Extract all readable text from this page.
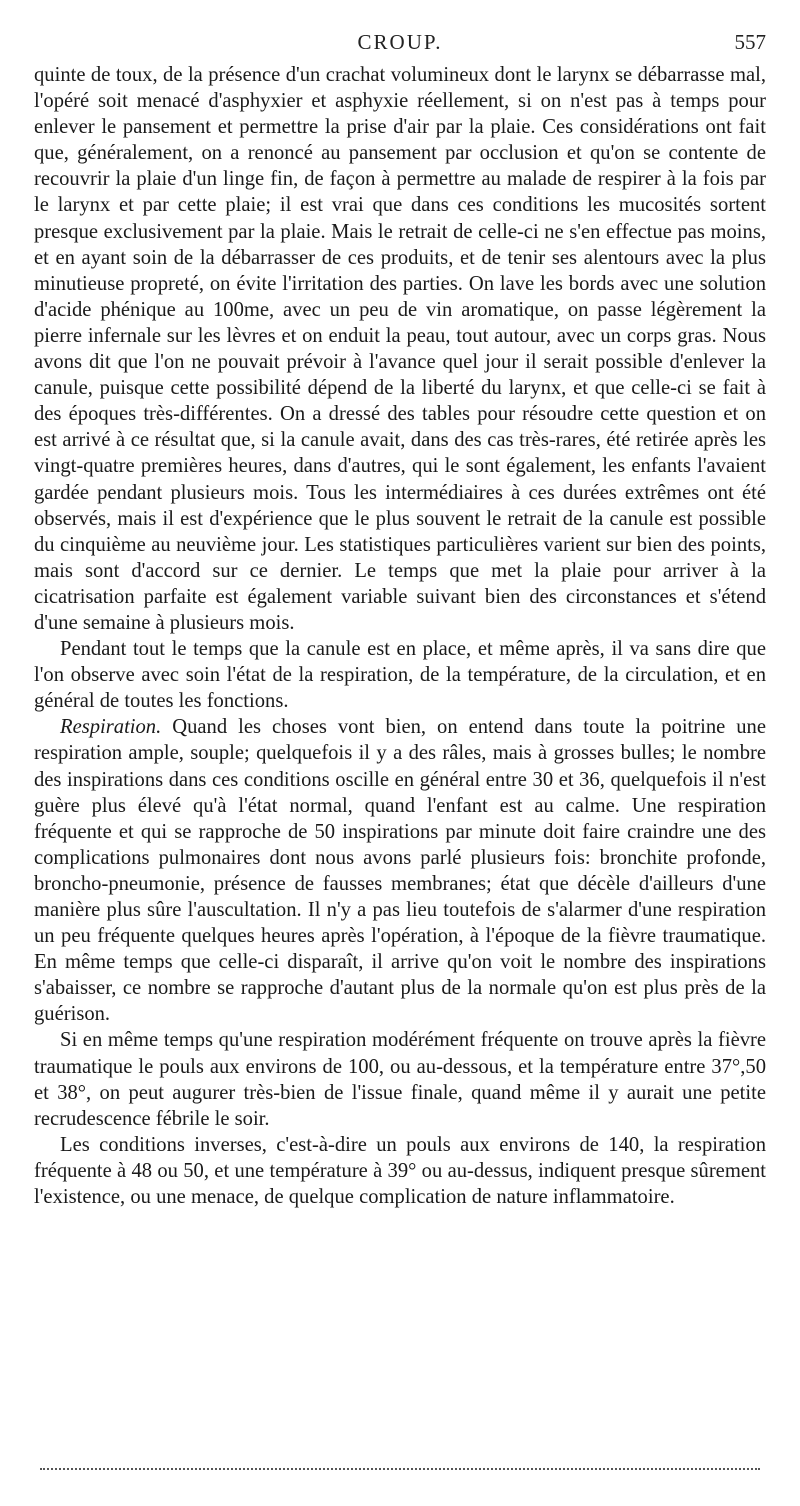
CROUP.	557

quinte de toux, de la présence d'un crachat volumineux dont le larynx se débarrasse mal, l'opéré soit menacé d'asphyxier et asphyxie réellement, si on n'est pas à temps pour enlever le pansement et permettre la prise d'air par la plaie. Ces considérations ont fait que, généralement, on a renoncé au pansement par occlusion et qu'on se contente de recouvrir la plaie d'un linge fin, de façon à permettre au malade de respirer à la fois par le larynx et par cette plaie; il est vrai que dans ces conditions les mucosités sortent presque exclusivement par la plaie. Mais le retrait de celle-ci ne s'en effectue pas moins, et en ayant soin de la débarrasser de ces produits, et de tenir ses alentours avec la plus minutieuse propreté, on évite l'irritation des parties. On lave les bords avec une solution d'acide phénique au 100me, avec un peu de vin aromatique, on passe légèrement la pierre infernale sur les lèvres et on enduit la peau, tout autour, avec un corps gras. Nous avons dit que l'on ne pouvait prévoir à l'avance quel jour il serait possible d'enlever la canule, puisque cette possibilité dépend de la liberté du larynx, et que celle-ci se fait à des époques très-différentes. On a dressé des tables pour résoudre cette question et on est arrivé à ce résultat que, si la canule avait, dans des cas très-rares, été retirée après les vingt-quatre premières heures, dans d'autres, qui le sont également, les enfants l'avaient gardée pendant plusieurs mois. Tous les intermédiaires à ces durées extrêmes ont été observés, mais il est d'expérience que le plus souvent le retrait de la canule est possible du cinquième au neuvième jour. Les statistiques particulières varient sur bien des points, mais sont d'accord sur ce dernier. Le temps que met la plaie pour arriver à la cicatrisation parfaite est également variable suivant bien des circonstances et s'étend d'une semaine à plusieurs mois.

Pendant tout le temps que la canule est en place, et même après, il va sans dire que l'on observe avec soin l'état de la respiration, de la température, de la circulation, et en général de toutes les fonctions.

Respiration. Quand les choses vont bien, on entend dans toute la poitrine une respiration ample, souple; quelquefois il y a des râles, mais à grosses bulles; le nombre des inspirations dans ces conditions oscille en général entre 30 et 36, quelquefois il n'est guère plus élevé qu'à l'état normal, quand l'enfant est au calme. Une respiration fréquente et qui se rapproche de 50 inspirations par minute doit faire craindre une des complications pulmonaires dont nous avons parlé plusieurs fois: bronchite profonde, broncho-pneumonie, présence de fausses membranes; état que décèle d'ailleurs d'une manière plus sûre l'auscultation. Il n'y a pas lieu toutefois de s'alarmer d'une respiration un peu fréquente quelques heures après l'opération, à l'époque de la fièvre traumatique. En même temps que celle-ci disparaît, il arrive qu'on voit le nombre des inspirations s'abaisser, ce nombre se rapproche d'autant plus de la normale qu'on est plus près de la guérison.

Si en même temps qu'une respiration modérément fréquente on trouve après la fièvre traumatique le pouls aux environs de 100, ou au-dessous, et la température entre 37°,50 et 38°, on peut augurer très-bien de l'issue finale, quand même il y aurait une petite recrudescence fébrile le soir.

Les conditions inverses, c'est-à-dire un pouls aux environs de 140, la respiration fréquente à 48 ou 50, et une température à 39° ou au-dessus, indiquent presque sûrement l'existence, ou une menace, de quelque complication de nature inflammatoire.
